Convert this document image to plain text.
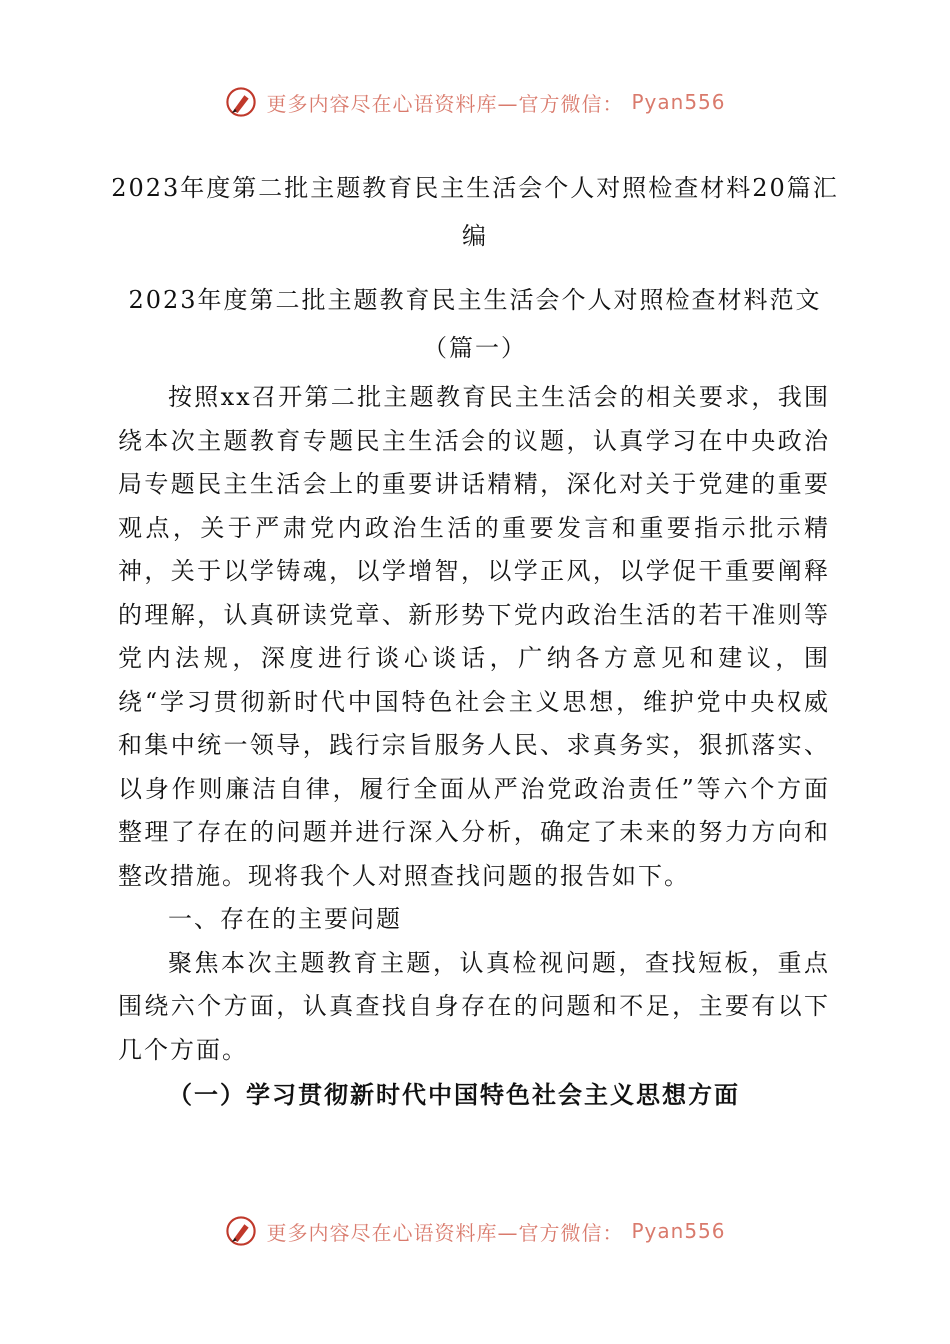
更多内容尽在心语资料库—官方微信： Pyan556
2023年度第二批主题教育民主生活会个人对照检查材料20篇汇编
2023年度第二批主题教育民主生活会个人对照检查材料范文（篇一）

按照xx召开第二批主题教育民主生活会的相关要求，我围绕本次主题教育专题民主生活会的议题，认真学习在中央政治局专题民主生活会上的重要讲话精精，深化对关于党建的重要观点，关于严肃党内政治生活的重要发言和重要指示批示精神，关于以学铸魂，以学增智，以学正风，以学促干重要阐释的理解，认真研读党章、新形势下党内政治生活的若干准则等党内法规，深度进行谈心谈话，广纳各方意见和建议，围绕“学习贯彻新时代中国特色社会主义思想，维护党中央权威和集中统一领导，践行宗旨服务人民、求真务实，狠抓落实、以身作则廉洁自律，履行全面从严治党政治责任”等六个方面整理了存在的问题并进行深入分析，确定了未来的努力方向和整改措施。现将我个人对照查找问题的报告如下。

一、存在的主要问题

聚焦本次主题教育主题，认真检视问题，查找短板，重点围绕六个方面，认真查找自身存在的问题和不足，主要有以下几个方面。

（一）学习贯彻新时代中国特色社会主义思想方面
更多内容尽在心语资料库—官方微信： Pyan556
